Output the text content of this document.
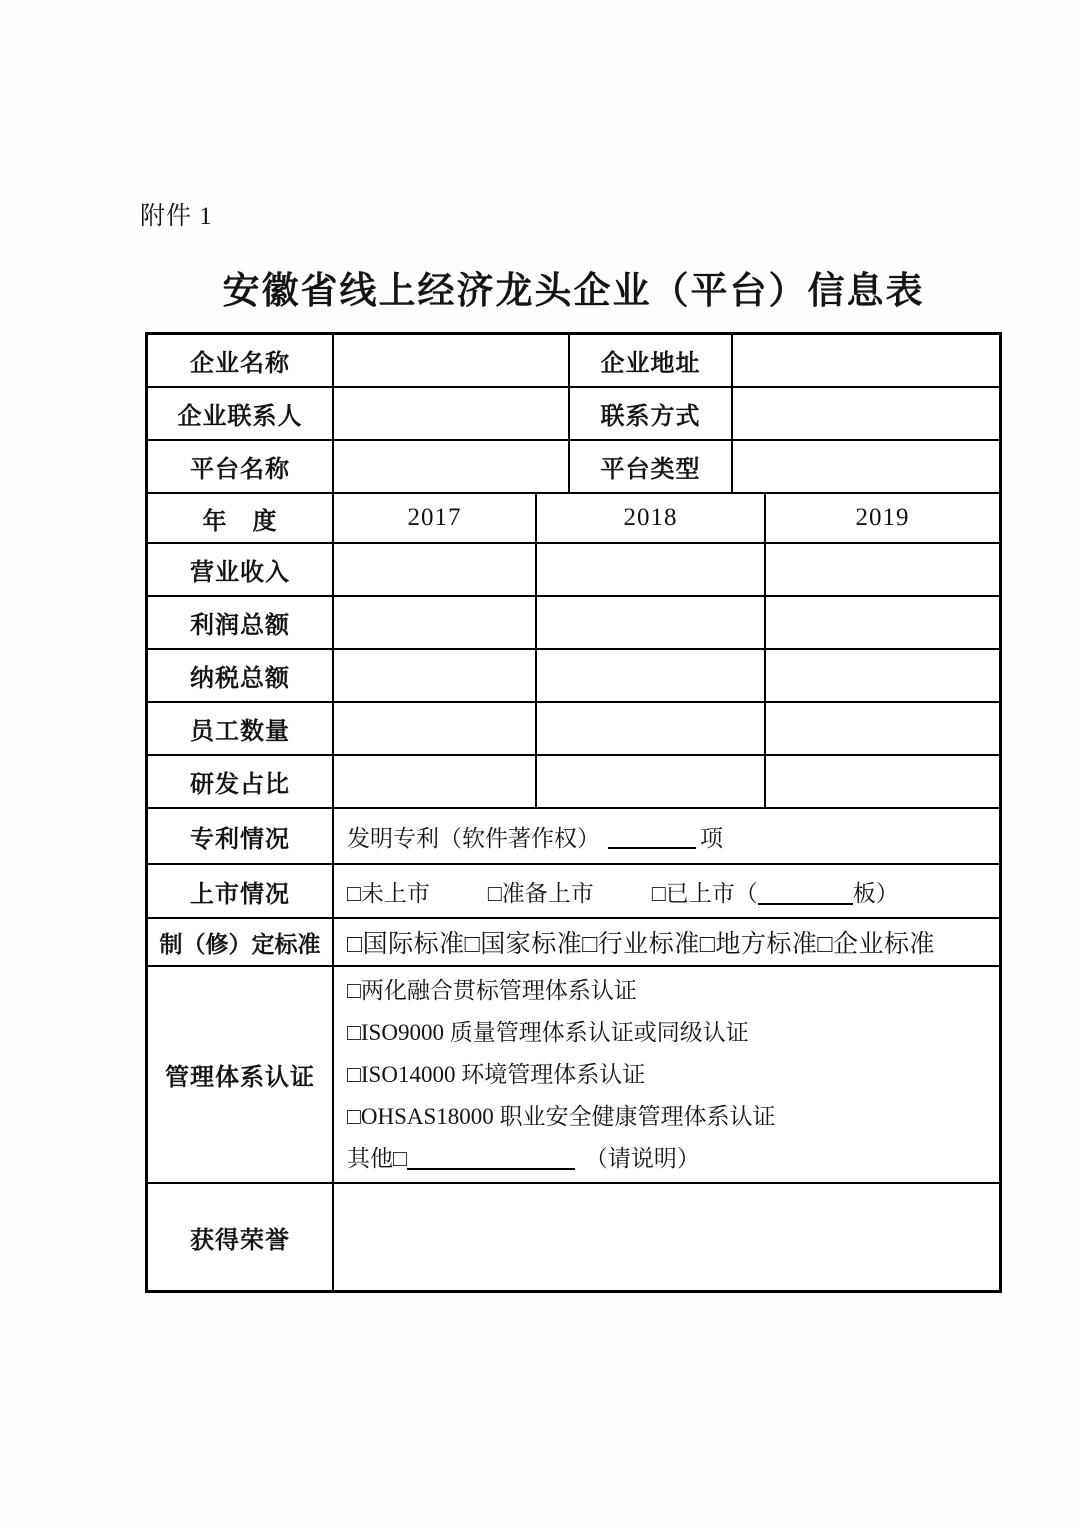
附件 1
安徽省线上经济龙头企业（平台）信息表
企业名称	企业地址
企业联系人	联系方式
平台名称	平台类型
年　度	2017	2018	2019
营业收入
利润总额
纳税总额
员工数量
研发占比
专利情况	发明专利（软件著作权）	项
上市情况	□未上市	□准备上市	□已上市（	板）
制（修）定标准	□国际标准□国家标准□行业标准□地方标准□企业标准
管理体系认证
□两化融合贯标管理体系认证
□ISO9000 质量管理体系认证或同级认证
□ISO14000 环境管理体系认证
□OHSAS18000 职业安全健康管理体系认证
其他□	（请说明）
获得荣誉
